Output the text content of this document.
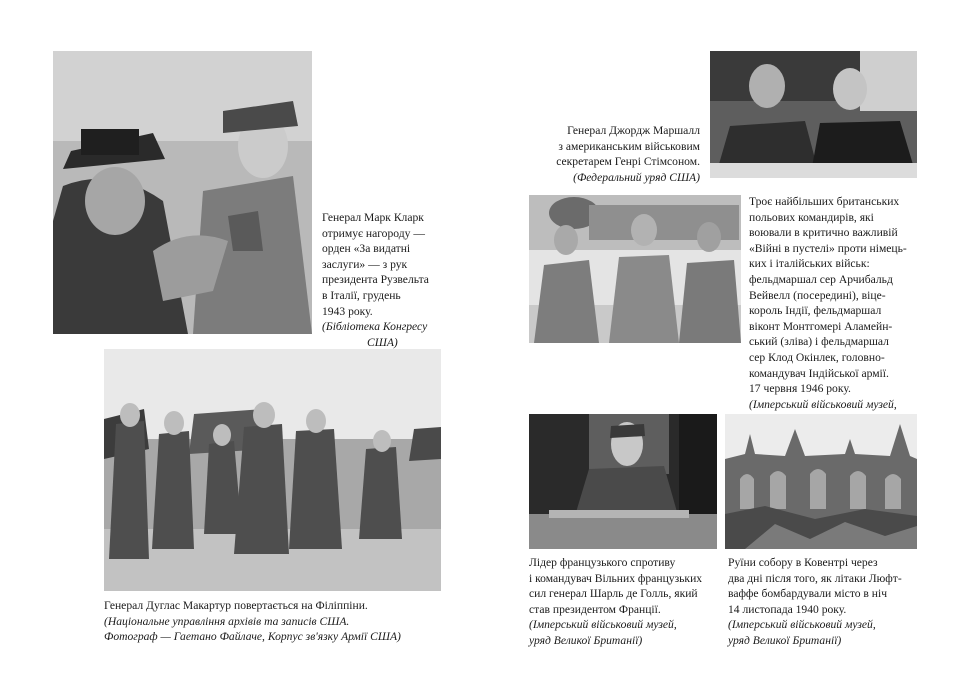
Генерал Марк Кларк
отримує нагороду —
орден «За видатні
заслуги» — з рук
президента Рузвельта
в Італії, грудень
1943 року.
(Бібліотека Конгресу
США)
Генерал Джордж Маршалл
з американським військовим
секретарем Генрі Стімсоном.
(Федеральний уряд США)
Троє найбільших британських
польових командирів, які
воювали в критично важливій
«Війні в пустелі» проти німець-
ких і італійських військ:
фельдмаршал сер Арчибальд
Вейвелл (посередині), віце-
король Індії, фельдмаршал
віконт Монтгомері Аламейн-
ський (зліва) і фельдмаршал
сер Клод Окінлек, головно-
командувач Індійської армії.
17 червня 1946 року.
(Імперський військовий музей,
Генерал Дуглас Макартур повертається на Філіппіни.
(Національне управління архівів та записів США.
Фотограф — Гаетано Файлаче, Корпус зв'язку Армії США)
Лідер французького спротиву
і командувач Вільних французьких
сил генерал Шарль де Голль, який
став президентом Франції.
(Імперський військовий музей,
уряд Великої Британії)
Руїни собору в Ковентрі через
два дні після того, як літаки Люфт-
ваффе бомбардували місто в ніч
14 листопада 1940 року.
(Імперський військовий музей,
уряд Великої Британії)
